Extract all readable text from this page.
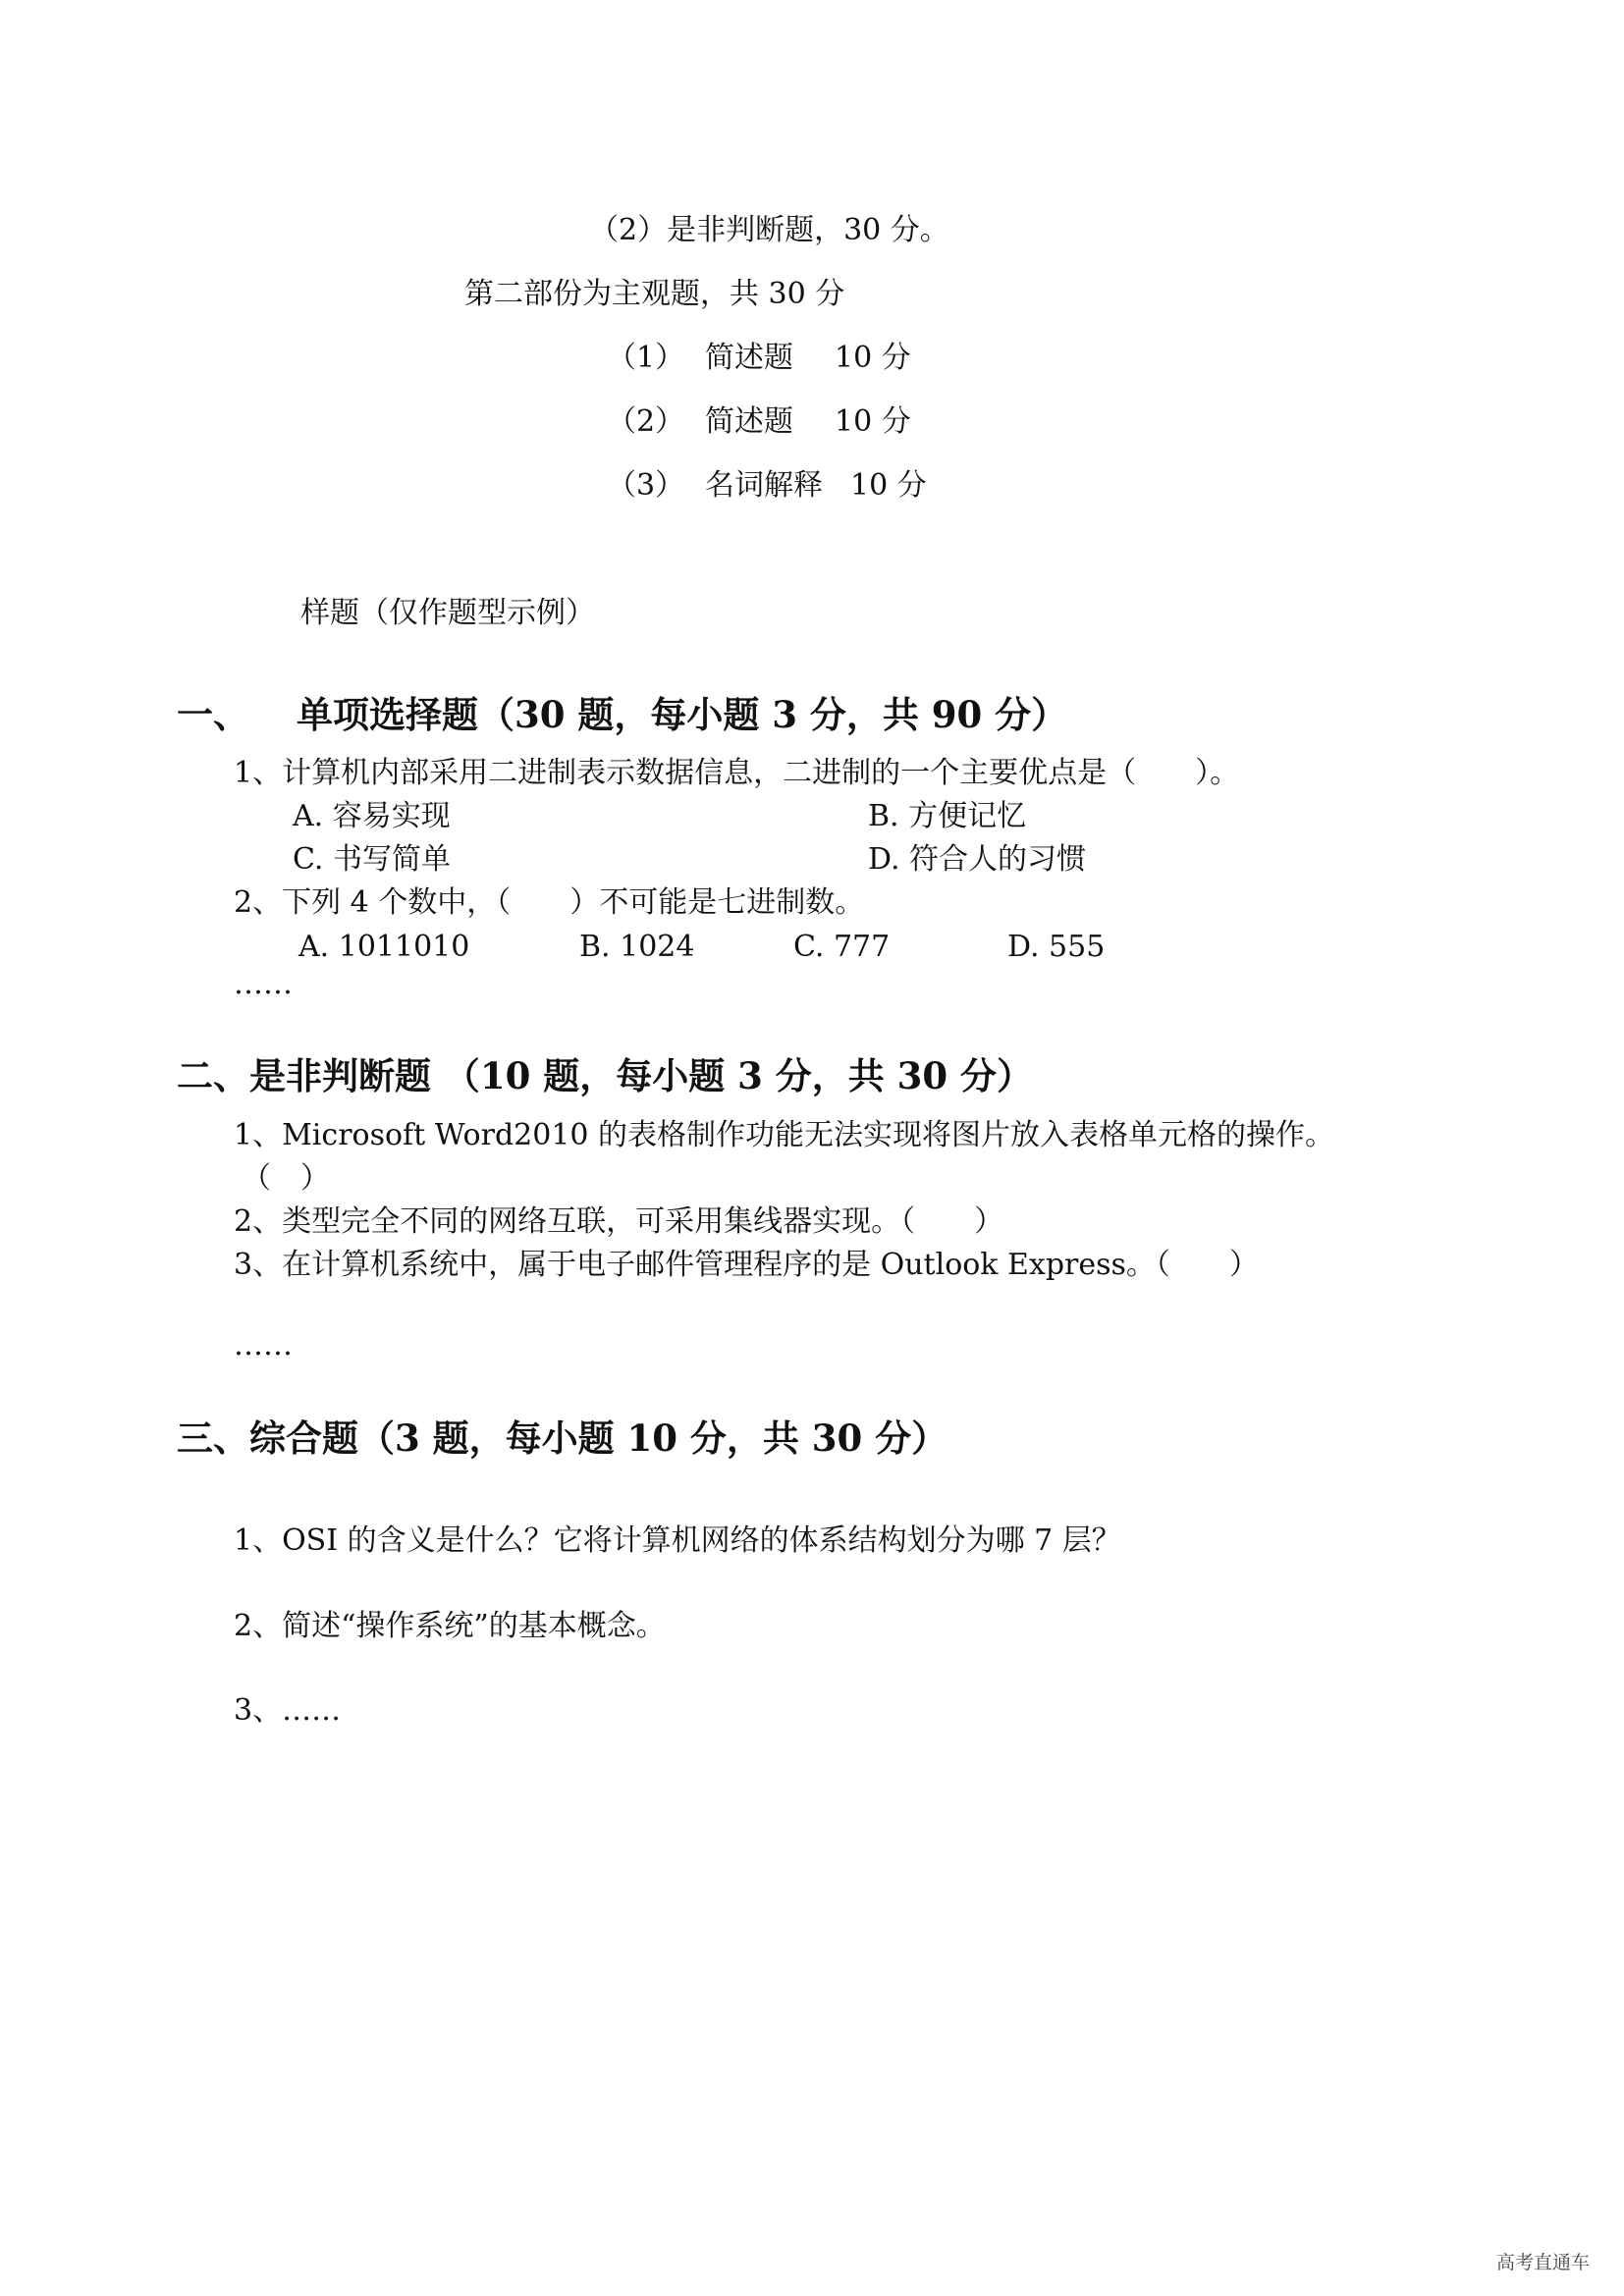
（2）是非判断题，30 分。
第二部份为主观题，共 30 分
（1） 简述题 10 分
（2） 简述题 10 分
（3） 名词解释 10 分
样题（仅作题型示例）
一、 单项选择题（30 题，每小题 3 分，共 90 分）
1、计算机内部采用二进制表示数据信息，二进制的一个主要优点是（　　）。
A. 容易实现	B. 方便记忆
C. 书写简单	D. 符合人的习惯
2、下列 4 个数中，（　　）不可能是七进制数。
A. 1011010	B. 1024	C. 777	D. 555
……
二、是非判断题 （10 题，每小题 3 分，共 30 分）
1、Microsoft Word2010 的表格制作功能无法实现将图片放入表格单元格的操作。
（　）
2、类型完全不同的网络互联，可采用集线器实现。（　　）
3、在计算机系统中，属于电子邮件管理程序的是 Outlook Express。（　　）
……
三、综合题（3 题，每小题 10 分，共 30 分）
1、OSI 的含义是什么？它将计算机网络的体系结构划分为哪 7 层？
2、简述“操作系统”的基本概念。
3、……
高考直通车
